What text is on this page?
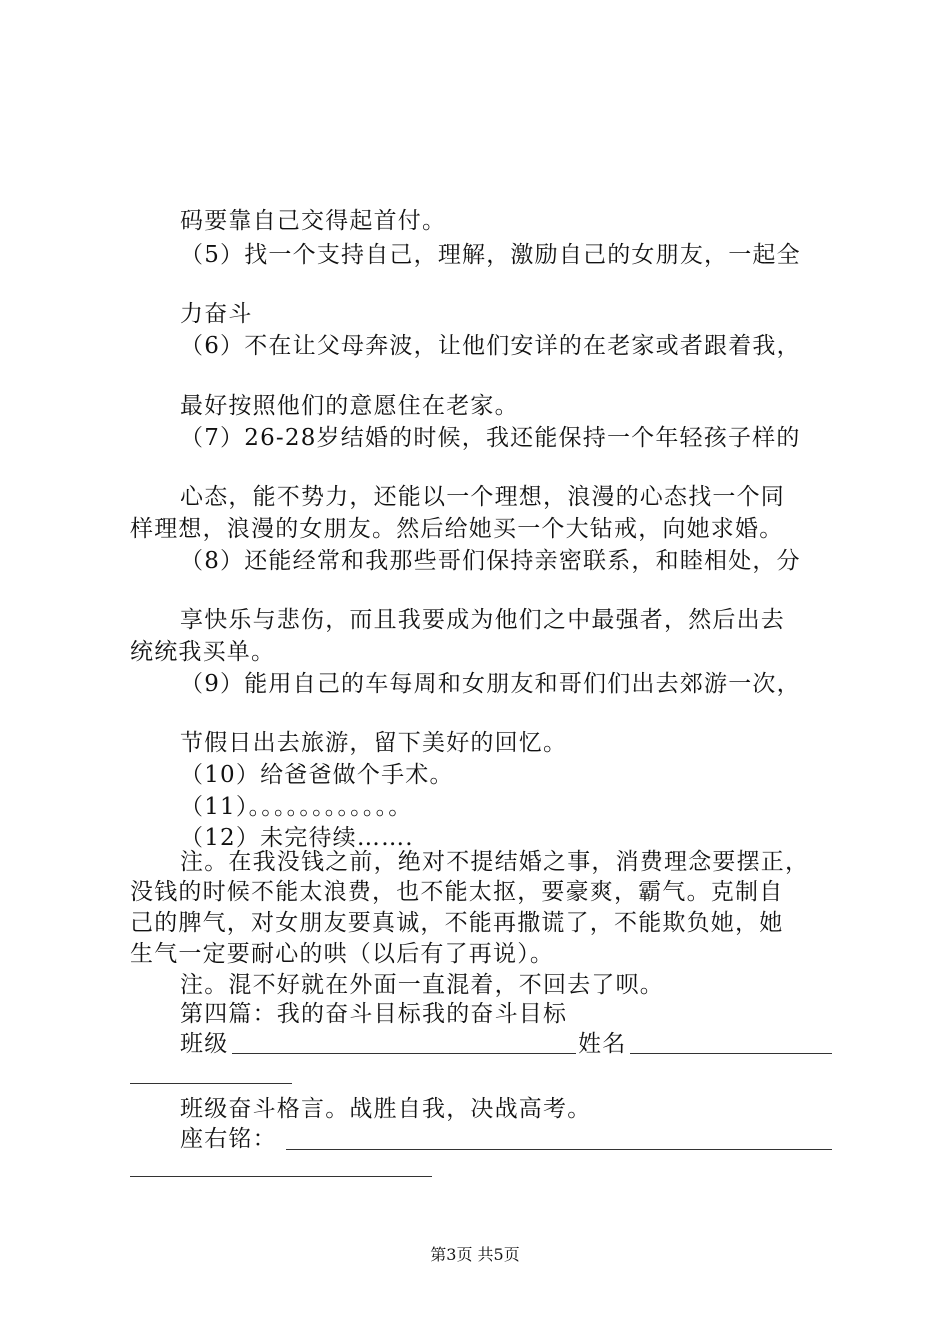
码要靠自己交得起首付。
（5）找一个支持自己，理解，激励自己的女朋友，一起全
力奋斗
（6）不在让父母奔波，让他们安详的在老家或者跟着我，
最好按照他们的意愿住在老家。
（7）26-28岁结婚的时候，我还能保持一个年轻孩子样的
心态，能不势力，还能以一个理想，浪漫的心态找一个同
样理想，浪漫的女朋友。然后给她买一个大钻戒，向她求婚。
（8）还能经常和我那些哥们保持亲密联系，和睦相处，分
享快乐与悲伤，而且我要成为他们之中最强者，然后出去
统统我买单。
（9）能用自己的车每周和女朋友和哥们们出去郊游一次，
节假日出去旅游，留下美好的回忆。
（10）给爸爸做个手术。
（11）。。。。。。。。。。。。
（12）未完待续…….
注。在我没钱之前，绝对不提结婚之事，消费理念要摆正，
没钱的时候不能太浪费，也不能太抠，要豪爽，霸气。克制自
己的脾气，对女朋友要真诚，不能再撒谎了，不能欺负她，她
生气一定要耐心的哄（以后有了再说）。
注。混不好就在外面一直混着，不回去了呗。
第四篇：我的奋斗目标我的奋斗目标
班级	姓名
班级奋斗格言。战胜自我，决战高考。
座右铭：
第3页 共5页
